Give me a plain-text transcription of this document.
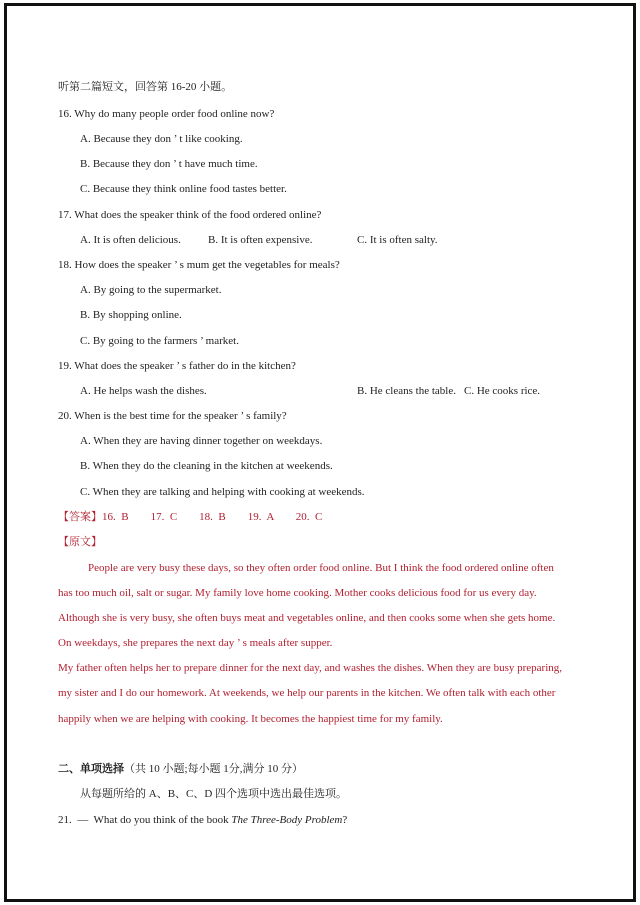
听第二篇短文，回答第 16-20 小题。
16. Why do many people order food online now?
A. Because they don ’ t like cooking.
B. Because they don ’ t have much time.
C. Because they think online food tastes better.
17. What does the speaker think of the food ordered online?
A. It is often delicious. B. It is often expensive.	C. It is often salty.
18. How does the speaker ’ s mum get the vegetables for meals?
A. By going to the supermarket.
B. By shopping online.
C. By going to the farmers ’ market.
19. What does the speaker ’ s father do in the kitchen?
A. He helps wash the dishes.	B. He cleans the table. C. He cooks rice.
20. When is the best time for the speaker ’ s family?
A. When they are having dinner together on weekdays.
B. When they do the cleaning in the kitchen at weekends.
C. When they are talking and helping with cooking at weekends.
【答案】16.  B        17.  C        18.  B        19.  A        20.  C
【原文】
People are very busy these days, so they often order food online. But I think the food ordered online often
has too much oil, salt or sugar. My family love home cooking. Mother cooks delicious food for us every day.
Although she is very busy, she often buys meat and vegetables online, and then cooks some when she gets home.
On weekdays, she prepares the next day ’ s meals after supper.
My father often helps her to prepare dinner for the next day, and washes the dishes. When they are busy preparing,
my sister and I do our homework. At weekends, we help our parents in the kitchen. We often talk with each other
happily when we are helping with cooking. It becomes the happiest time for my family.
二、单项选择（共 10 小题;每小题 1分,满分 10 分）
从每题所给的 A、B、C、D 四个选项中选出最佳选项。
21.  —  What do you think of the book The Three-Body Problem?
